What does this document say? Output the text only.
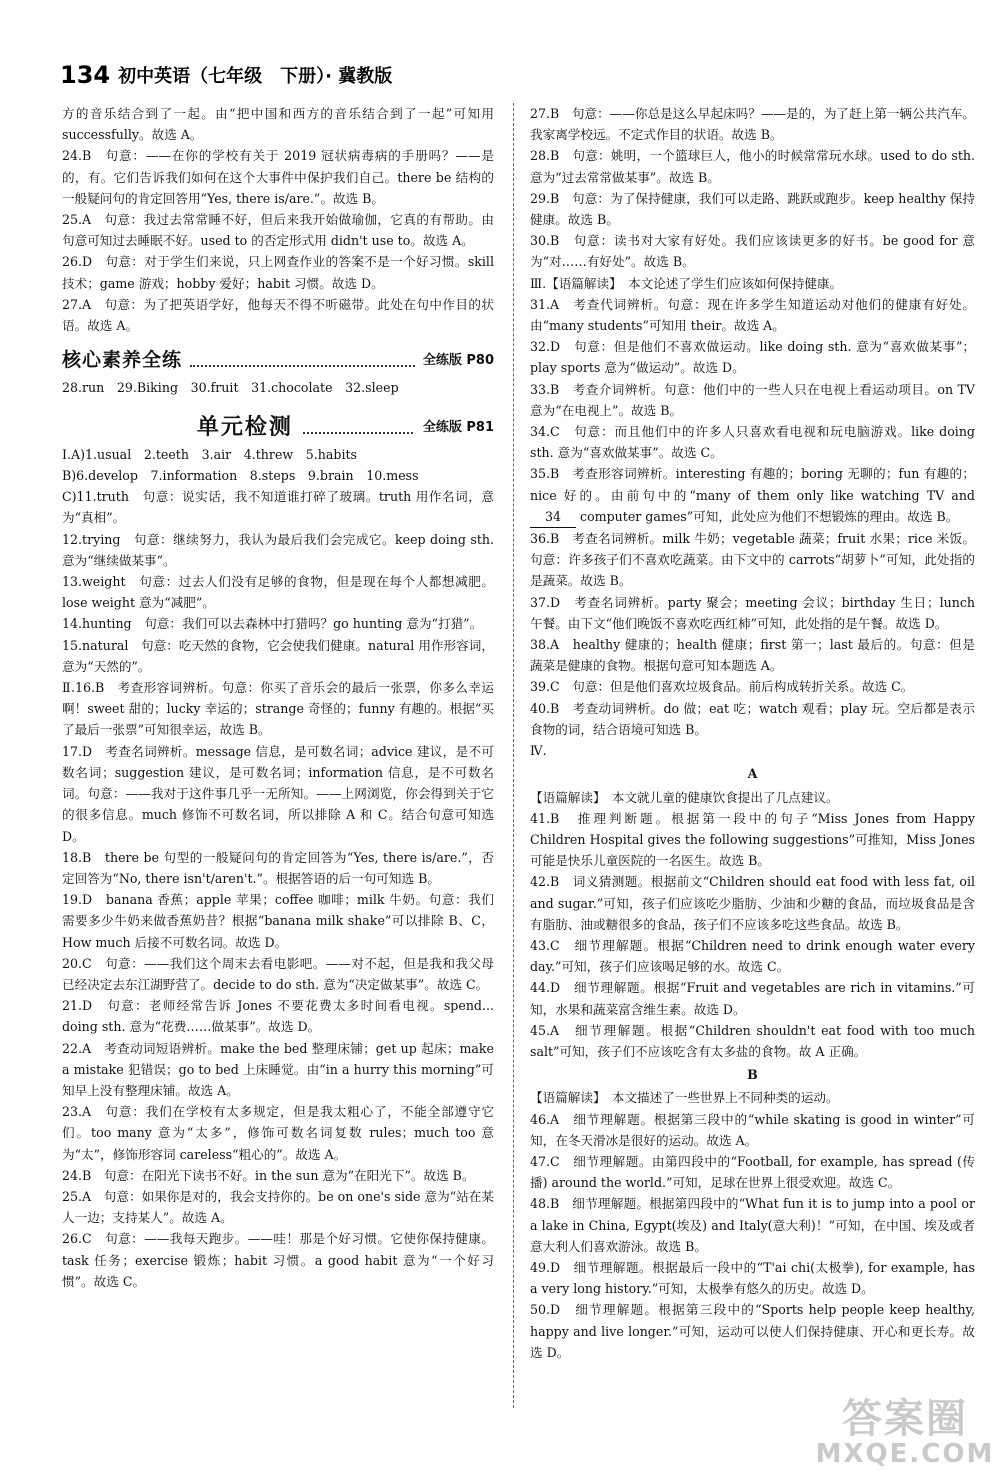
134 初中英语（七年级　下册）· 冀教版

方的音乐结合到了一起。由“把中国和西方的音乐结合到了一起”可知用 successfully。故选 A。

24.B　句意：——在你的学校有关于 2019 冠状病毒病的手册吗？——是的，有。它们告诉我们如何在这个大事件中保护我们自己。there be 结构的一般疑问句的肯定回答用“Yes, there is/are.”。故选 B。

25.A　句意：我过去常常睡不好，但后来我开始做瑜伽，它真的有帮助。由句意可知过去睡眠不好。used to 的否定形式用 didn't use to。故选 A。

26.D　句意：对于学生们来说，只上网查作业的答案不是一个好习惯。skill 技术；game 游戏；hobby 爱好；habit 习惯。故选 D。

27.A　句意：为了把英语学好，他每天不得不听磁带。此处在句中作目的状语。故选 A。

核心素养全练	全练版 P80

28.run　29.Biking　30.fruit　31.chocolate　32.sleep

单元检测	全练版 P81

Ⅰ.A)1.usual　2.teeth　3.air　4.threw　5.habits

B)6.develop　7.information　8.steps　9.brain　10.mess

C)11.truth　句意：说实话，我不知道谁打碎了玻璃。truth 用作名词，意为“真相”。

12.trying　句意：继续努力，我认为最后我们会完成它。keep doing sth. 意为“继续做某事”。

13.weight　句意：过去人们没有足够的食物，但是现在每个人都想减肥。lose weight 意为“减肥”。

14.hunting　句意：我们可以去森林中打猎吗？go hunting 意为“打猎”。

15.natural　句意：吃天然的食物，它会使我们健康。natural 用作形容词，意为“天然的”。

Ⅱ.16.B　考查形容词辨析。句意：你买了音乐会的最后一张票，你多么幸运啊！sweet 甜的；lucky 幸运的；strange 奇怪的；funny 有趣的。根据“买了最后一张票”可知很幸运，故选 B。

17.D　考查名词辨析。message 信息，是可数名词；advice 建议，是不可数名词；suggestion 建议，是可数名词；information 信息，是不可数名词。句意：——我对于这件事几乎一无所知。——上网浏览，你会得到关于它的很多信息。much 修饰不可数名词，所以排除 A 和 C。结合句意可知选 D。

18.B　there be 句型的一般疑问句的肯定回答为“Yes, there is/are.”，否定回答为“No, there isn't/aren't.”。根据答语的后一句可知选 B。

19.D　banana 香蕉；apple 苹果；coffee 咖啡；milk 牛奶。句意：我们需要多少牛奶来做香蕉奶昔？根据“banana milk shake”可以排除 B、C，How much 后接不可数名词。故选 D。

20.C　句意：——我们这个周末去看电影吧。——对不起，但是我和我父母已经决定去东江湖野营了。decide to do sth. 意为“决定做某事”。故选 C。

21.D　句意：老师经常告诉 Jones 不要花费太多时间看电视。spend... doing sth. 意为“花费……做某事”。故选 D。

22.A　考查动词短语辨析。make the bed 整理床铺；get up 起床；make a mistake 犯错误；go to bed 上床睡觉。由“in a hurry this morning”可知早上没有整理床铺。故选 A。

23.A　句意：我们在学校有太多规定，但是我太粗心了，不能全部遵守它们。too many 意为“太多”，修饰可数名词复数 rules；much too 意为“太”，修饰形容词 careless“粗心的”。故选 A。

24.B　句意：在阳光下读书不好。in the sun 意为“在阳光下”。故选 B。

25.A　句意：如果你是对的，我会支持你的。be on one's side 意为“站在某人一边；支持某人”。故选 A。

26.C　句意：——我每天跑步。——哇！那是个好习惯。它使你保持健康。task 任务；exercise 锻炼；habit 习惯。a good habit 意为“一个好习惯”。故选 C。

27.B　句意：——你总是这么早起床吗？——是的，为了赶上第一辆公共汽车。我家离学校远。不定式作目的状语。故选 B。

28.B　句意：姚明，一个篮球巨人，他小的时候常常玩水球。used to do sth. 意为“过去常常做某事”。故选 B。

29.B　句意：为了保持健康，我们可以走路、跳跃或跑步。keep healthy 保持健康。故选 B。

30.B　句意：读书对大家有好处。我们应该读更多的好书。be good for 意为“对……有好处”。故选 B。

Ⅲ.【语篇解读】　本文论述了学生们应该如何保持健康。

31.A　考查代词辨析。句意：现在许多学生知道运动对他们的健康有好处。由“many students”可知用 their。故选 A。

32.D　句意：但是他们不喜欢做运动。like doing sth. 意为“喜欢做某事”；play sports 意为“做运动”。故选 D。

33.B　考查介词辨析。句意：他们中的一些人只在电视上看运动项目。on TV 意为“在电视上”。故选 B。

34.C　句意：而且他们中的许多人只喜欢看电视和玩电脑游戏。like doing sth. 意为“喜欢做某事”。故选 C。

35.B　考查形容词辨析。interesting 有趣的；boring 无聊的；fun 有趣的；nice 好的。由前句中的“many of them only like watching TV and 34 computer games”可知，此处应为他们不想锻炼的理由。故选 B。

36.B　考查名词辨析。milk 牛奶；vegetable 蔬菜；fruit 水果；rice 米饭。句意：许多孩子们不喜欢吃蔬菜。由下文中的 carrots“胡萝卜”可知，此处指的是蔬菜。故选 B。

37.D　考查名词辨析。party 聚会；meeting 会议；birthday 生日；lunch 午餐。由下文“他们晚饭不喜欢吃西红柿”可知，此处指的是午餐。故选 D。

38.A　healthy 健康的；health 健康；first 第一；last 最后的。句意：但是蔬菜是健康的食物。根据句意可知本题选 A。

39.C　句意：但是他们喜欢垃圾食品。前后构成转折关系。故选 C。

40.B　考查动词辨析。do 做；eat 吃；watch 观看；play 玩。空后都是表示食物的词，结合语境可知选 B。

Ⅳ.

A

【语篇解读】　本文就儿童的健康饮食提出了几点建议。

41.B　推理判断题。根据第一段中的句子“Miss Jones from Happy Children Hospital gives the following suggestions”可推知，Miss Jones 可能是快乐儿童医院的一名医生。故选 B。

42.B　词义猜测题。根据前文“Children should eat food with less fat, oil and sugar.”可知，孩子们应该吃少脂肪、少油和少糖的食品，而垃圾食品是含有脂肪、油或糖很多的食品，孩子们不应该多吃这些食品。故选 B。

43.C　细节理解题。根据“Children need to drink enough water every day.”可知，孩子们应该喝足够的水。故选 C。

44.D　细节理解题。根据“Fruit and vegetables are rich in vitamins.”可知，水果和蔬菜富含维生素。故选 D。

45.A　细节理解题。根据“Children shouldn't eat food with too much salt”可知，孩子们不应该吃含有太多盐的食物。故 A 正确。

B

【语篇解读】　本文描述了一些世界上不同种类的运动。

46.A　细节理解题。根据第三段中的“while skating is good in winter”可知，在冬天滑冰是很好的运动。故选 A。

47.C　细节理解题。由第四段中的“Football, for example, has spread (传播) around the world.”可知，足球在世界上很受欢迎。故选 C。

48.B　细节理解题。根据第四段中的“What fun it is to jump into a pool or a lake in China, Egypt(埃及) and Italy(意大利)！”可知，在中国、埃及或者意大利人们喜欢游泳。故选 B。

49.D　细节理解题。根据最后一段中的“T'ai chi(太极拳), for example, has a very long history.”可知，太极拳有悠久的历史。故选 D。

50.D　细节理解题。根据第三段中的“Sports help people keep healthy, happy and live longer.”可知，运动可以使人们保持健康、开心和更长寿。故选 D。

答案圈
MXQE.COM
